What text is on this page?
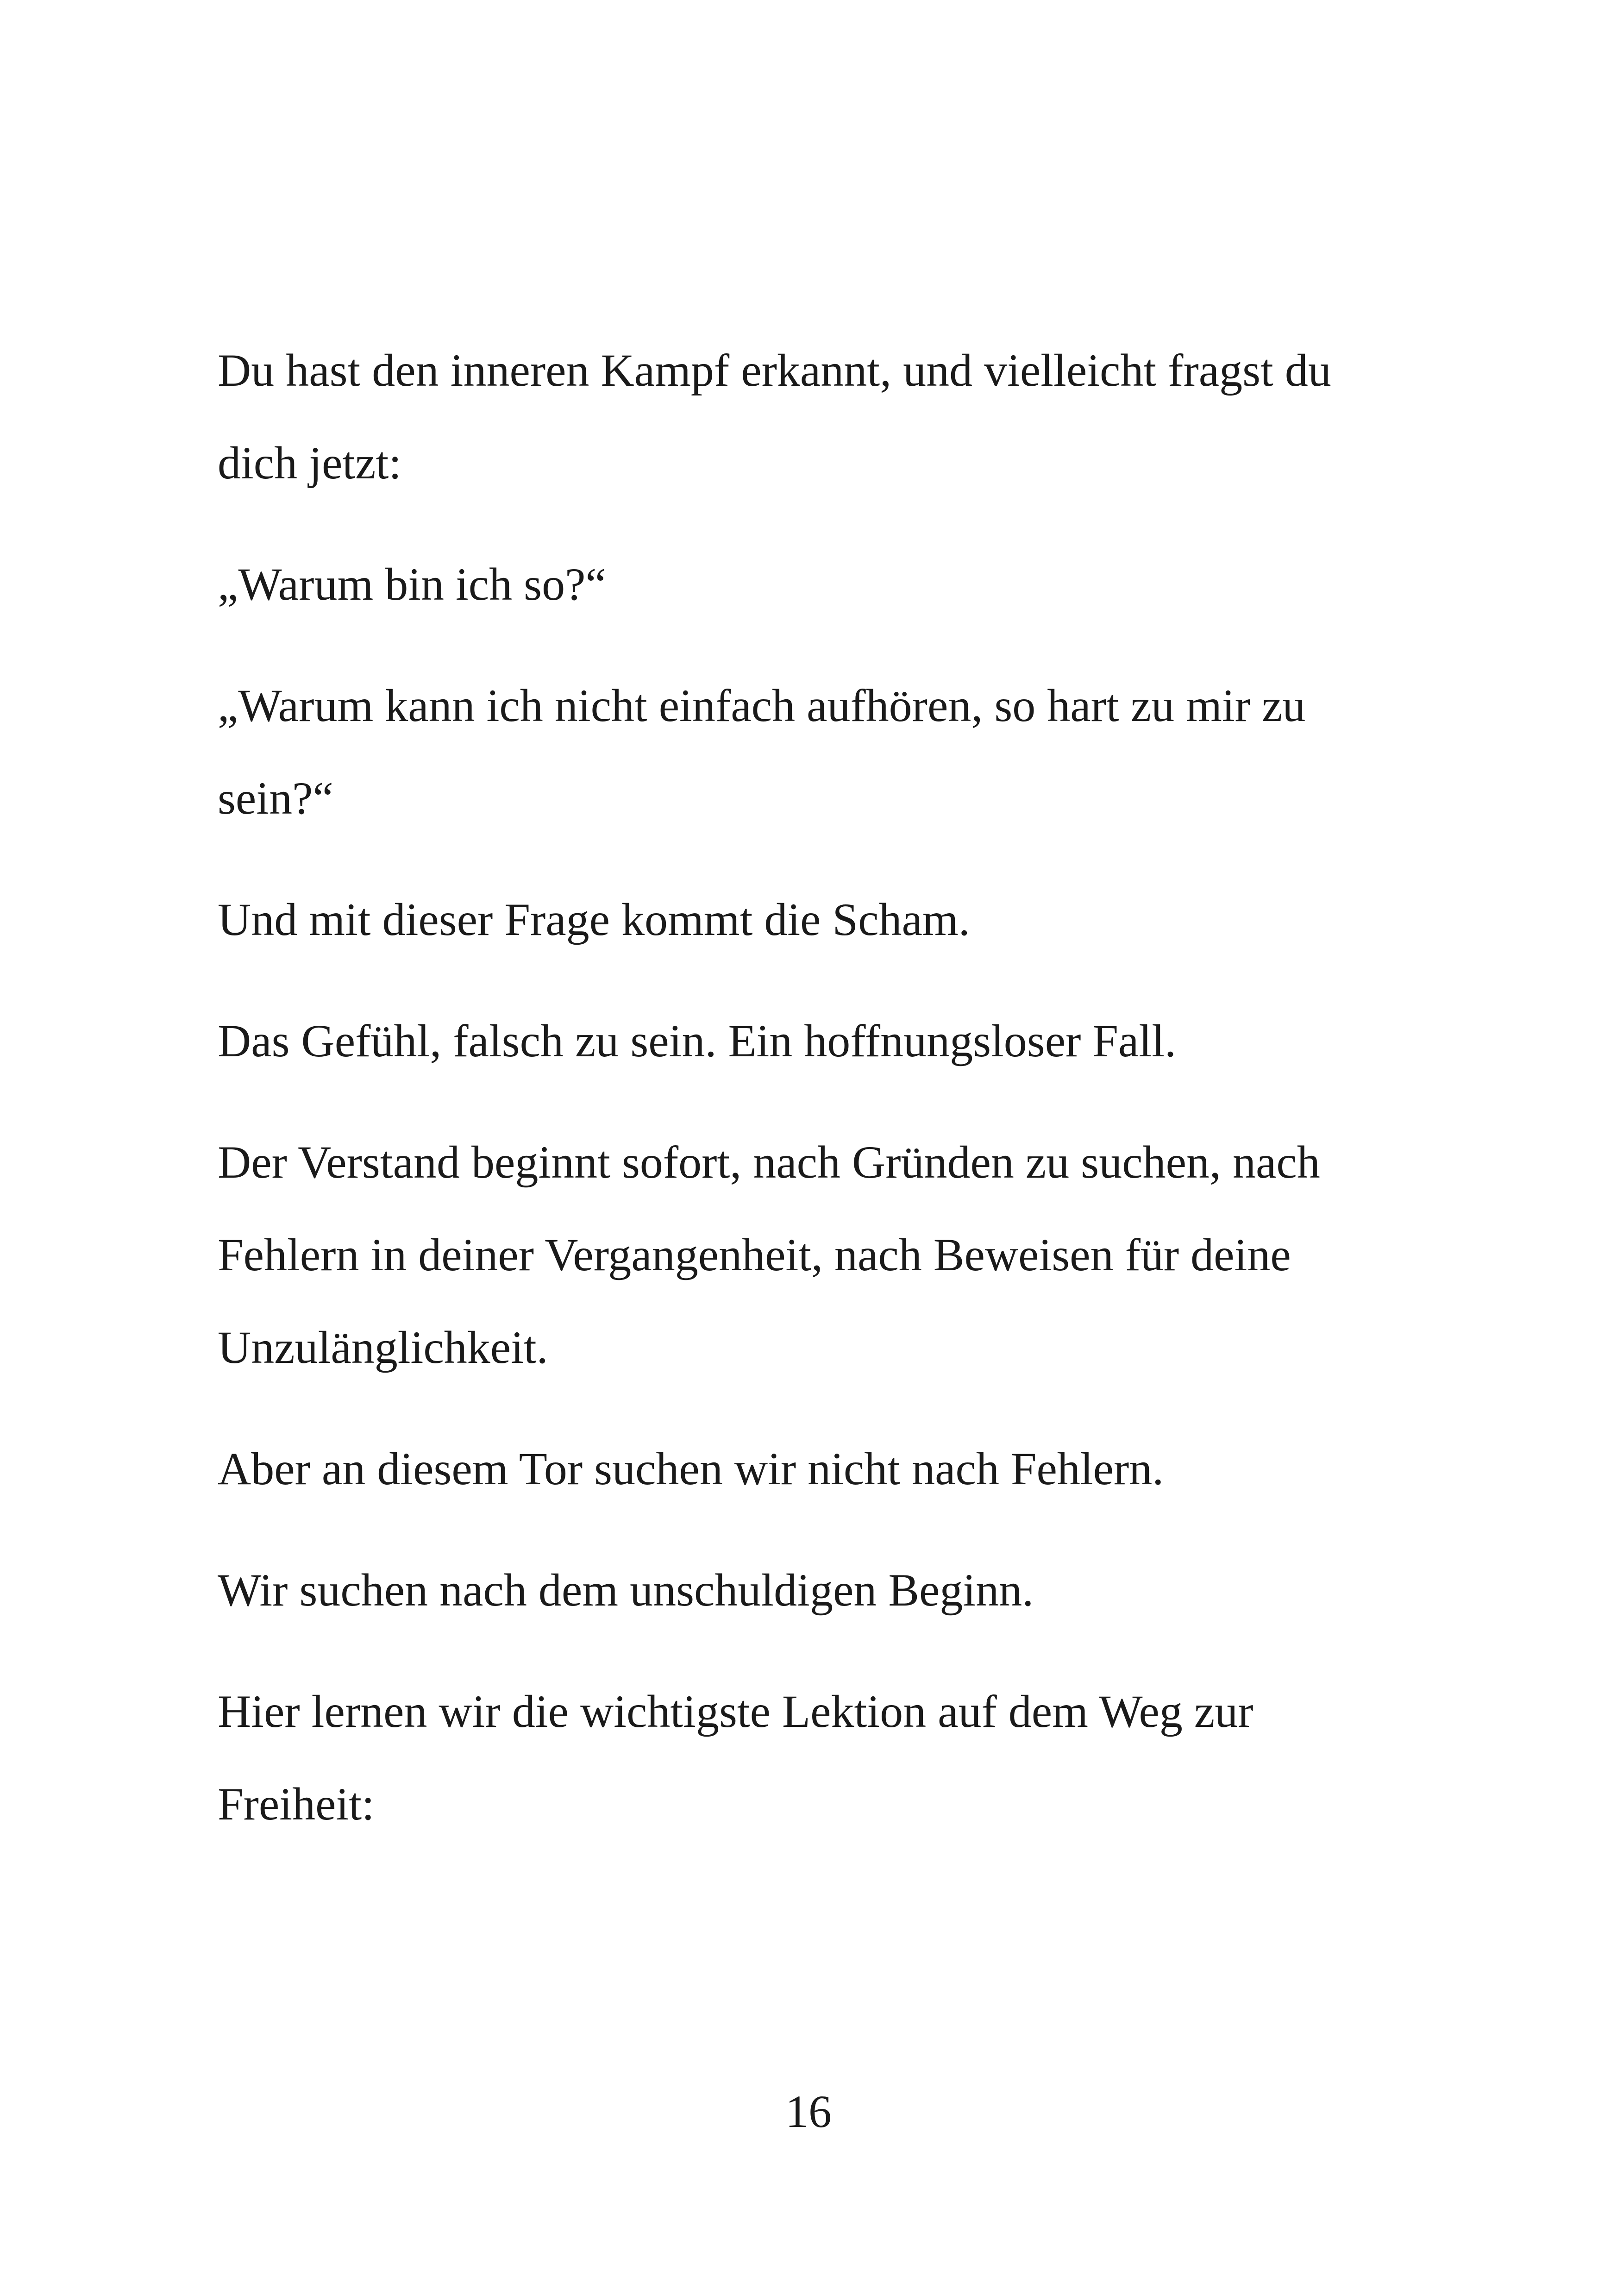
Du hast den inneren Kampf erkannt, und vielleicht fragst du dich jetzt:

„Warum bin ich so?“

„Warum kann ich nicht einfach aufhören, so hart zu mir zu sein?“

Und mit dieser Frage kommt die Scham.

Das Gefühl, falsch zu sein. Ein hoffnungsloser Fall.

Der Verstand beginnt sofort, nach Gründen zu suchen, nach Fehlern in deiner Vergangenheit, nach Beweisen für deine Unzulänglichkeit.

Aber an diesem Tor suchen wir nicht nach Fehlern.

Wir suchen nach dem unschuldigen Beginn.

Hier lernen wir die wichtigste Lektion auf dem Weg zur Freiheit:

16
